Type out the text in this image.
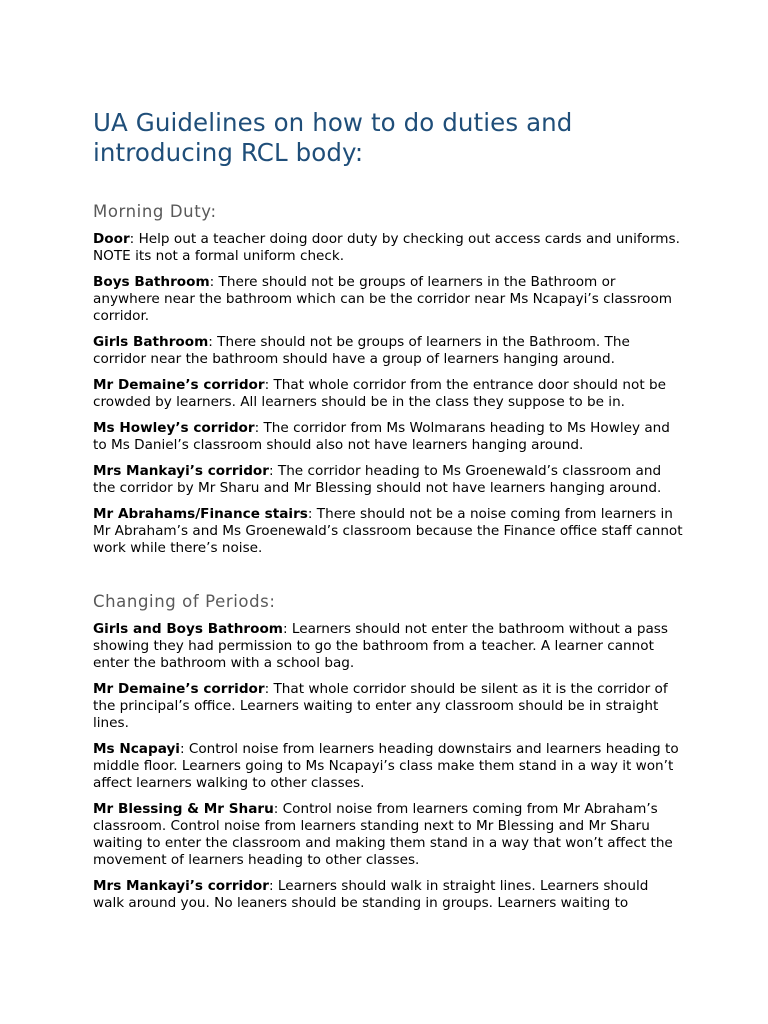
UA Guidelines on how to do duties and introducing RCL body:
Morning Duty:

Door: Help out a teacher doing door duty by checking out access cards and uniforms. NOTE its not a formal uniform check.

Boys Bathroom: There should not be groups of learners in the Bathroom or anywhere near the bathroom which can be the corridor near Ms Ncapayi’s classroom corridor.

Girls Bathroom: There should not be groups of learners in the Bathroom. The corridor near the bathroom should have a group of learners hanging around.

Mr Demaine’s corridor: That whole corridor from the entrance door should not be crowded by learners. All learners should be in the class they suppose to be in.

Ms Howley’s corridor: The corridor from Ms Wolmarans heading to Ms Howley and to Ms Daniel’s classroom should also not have learners hanging around.

Mrs Mankayi’s corridor: The corridor heading to Ms Groenewald’s classroom and the corridor by Mr Sharu and Mr Blessing should not have learners hanging around.

Mr Abrahams/Finance stairs: There should not be a noise coming from learners in Mr Abraham’s and Ms Groenewald’s classroom because the Finance office staff cannot work while there’s noise.

Changing of Periods:

Girls and Boys Bathroom: Learners should not enter the bathroom without a pass showing they had permission to go the bathroom from a teacher. A learner cannot enter the bathroom with a school bag.

Mr Demaine’s corridor: That whole corridor should be silent as it is the corridor of the principal’s office. Learners waiting to enter any classroom should be in straight lines.

Ms Ncapayi: Control noise from learners heading downstairs and learners heading to middle floor. Learners going to Ms Ncapayi’s class make them stand in a way it won’t affect learners walking to other classes.

Mr Blessing & Mr Sharu: Control noise from learners coming from Mr Abraham’s classroom. Control noise from learners standing next to Mr Blessing and Mr Sharu waiting to enter the classroom and making them stand in a way that won’t affect the movement of learners heading to other classes.

Mrs Mankayi’s corridor: Learners should walk in straight lines. Learners should walk around you. No leaners should be standing in groups. Learners waiting to
